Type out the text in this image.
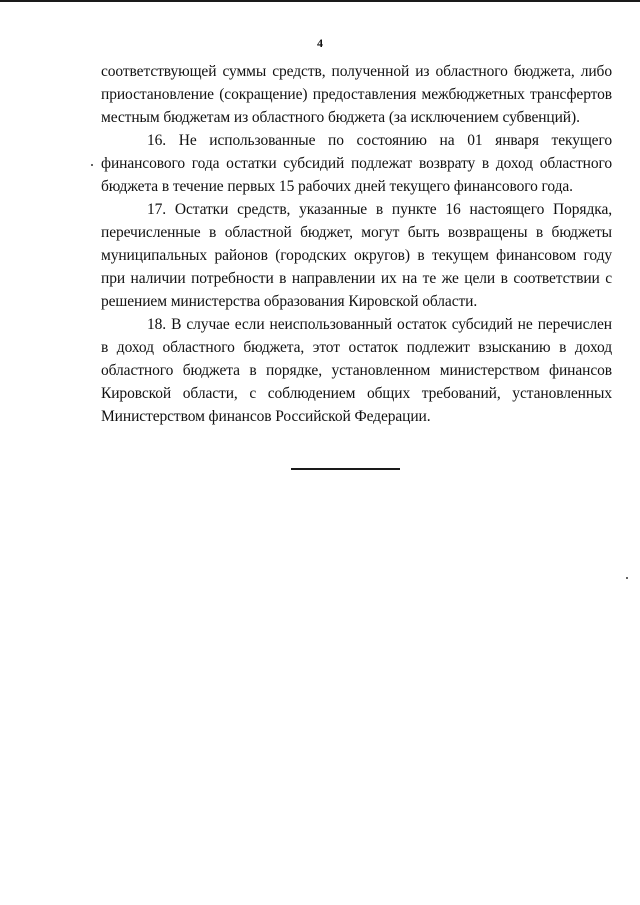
4

соответствующей суммы средств, полученной из областного бюджета, либо приостановление (сокращение) предоставления межбюджетных трансфертов местным бюджетам из областного бюджета (за исключением субвенций).

16. Не использованные по состоянию на 01 января текущего финансового года остатки субсидий подлежат возврату в доход областного бюджета в течение первых 15 рабочих дней текущего финансового года.

17. Остатки средств, указанные в пункте 16 настоящего Порядка, перечисленные в областной бюджет, могут быть возвращены в бюджеты муниципальных районов (городских округов) в текущем финансовом году при наличии потребности в направлении их на те же цели в соответствии с решением министерства образования Кировской области.

18. В случае если неиспользованный остаток субсидий не перечислен в доход областного бюджета, этот остаток подлежит взысканию в доход областного бюджета в порядке, установленном министерством финансов Кировской области, с соблюдением общих требований, установленных Министерством финансов Российской Федерации.
